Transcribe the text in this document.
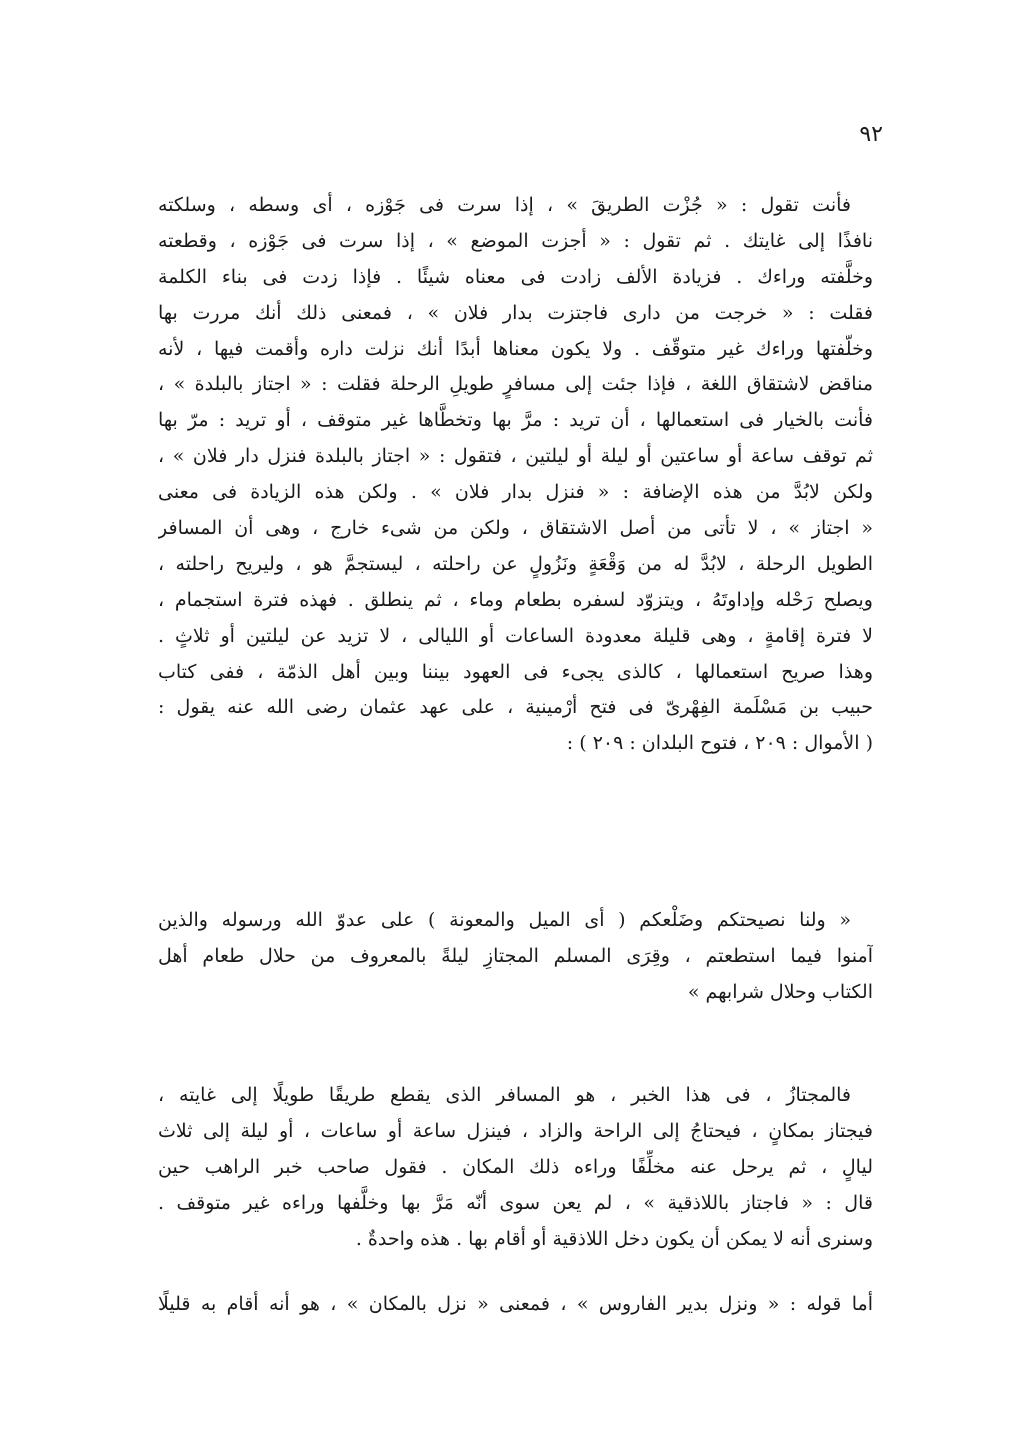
٩٢
فأنت تقول : « جُزْت الطريقَ » ، إذا سرت فى جَوْزه ، أى وسطه ، وسلكته
نافذًا إلى غايتك . ثم تقول : « أجزت الموضع » ، إذا سرت فى جَوْزه ، وقطعته
وخلَّفته وراءك . فزيادة الألف زادت فى معناه شيئًا . فإذا زدت فى بناء الكلمة
فقلت : « خرجت من دارى فاجتزت بدار فلان » ، فمعنى ذلك أنك مررت بها
وخلّفتها وراءك غير متوقّف . ولا يكون معناها أبدًا أنك نزلت داره وأقمت فيها ، لأنه
مناقض لاشتقاق اللغة ، فإذا جئت إلى مسافرٍ طويلِ الرحلة فقلت : « اجتاز بالبلدة » ،
فأنت بالخيار فى استعمالها ، أن تريد : مرَّ بها وتخطَّاها غير متوقف ، أو تريد : مرّ بها
ثم توقف ساعة أو ساعتين أو ليلة أو ليلتين ، فتقول : « اجتاز بالبلدة فنزل دار فلان » ،
ولكن لابُدَّ من هذه الإضافة : « فنزل بدار فلان » . ولكن هذه الزيادة فى معنى
« اجتاز » ، لا تأتى من أصل الاشتقاق ، ولكن من شىء خارج ، وهى أن المسافر
الطويل الرحلة ، لابُدَّ له من وَقْعَةٍ ونَزُولٍ عن راحلته ، ليستجمَّ هو ، وليريح راحلته ،
ويصلح رَحْله وإداوتَهُ ، ويتزوّد لسفره بطعام وماء ، ثم ينطلق . فهذه فترة استجمام ،
لا فترة إقامةٍ ، وهى قليلة معدودة الساعات أو الليالى ، لا تزيد عن ليلتين أو ثلاثٍ .
وهذا صريح استعمالها ، كالذى يجىء فى العهود بيننا وبين أهل الذمّة ، ففى كتاب
حبيب بن مَسْلَمة الفِهْرىّ فى فتح أرْمينية ، على عهد عثمان رضى الله عنه يقول :
( الأموال : ٢٠٩ ، فتوح البلدان : ٢٠٩ ) :
« ولنا نصيحتكم وضَلْعكم ( أى الميل والمعونة ) على عدوّ الله ورسوله والذين
آمنوا فيما استطعتم ، وقِرَى المسلم المجتازِ ليلةً بالمعروف من حلال طعام أهل
الكتاب وحلال شرابهم »
فالمجتازُ ، فى هذا الخبر ، هو المسافر الذى يقطع طريقًا طويلًا إلى غايته ،
فيجتاز بمكانٍ ، فيحتاجُ إلى الراحة والزاد ، فينزل ساعة أو ساعات ، أو ليلة إلى ثلاث
ليالٍ ، ثم يرحل عنه مخلِّفًا وراءه ذلك المكان . فقول صاحب خبر الراهب حين
قال : « فاجتاز باللاذقية » ، لم يعن سوى أنّه مَرَّ بها وخلَّفها وراءه غير متوقف .
وسنرى أنه لا يمكن أن يكون دخل اللاذقية أو أقام بها . هذه واحدةٌ .
أما قوله : « ونزل بدير الفاروس » ، فمعنى « نزل بالمكان » ، هو أنه أقام به قليلًا
